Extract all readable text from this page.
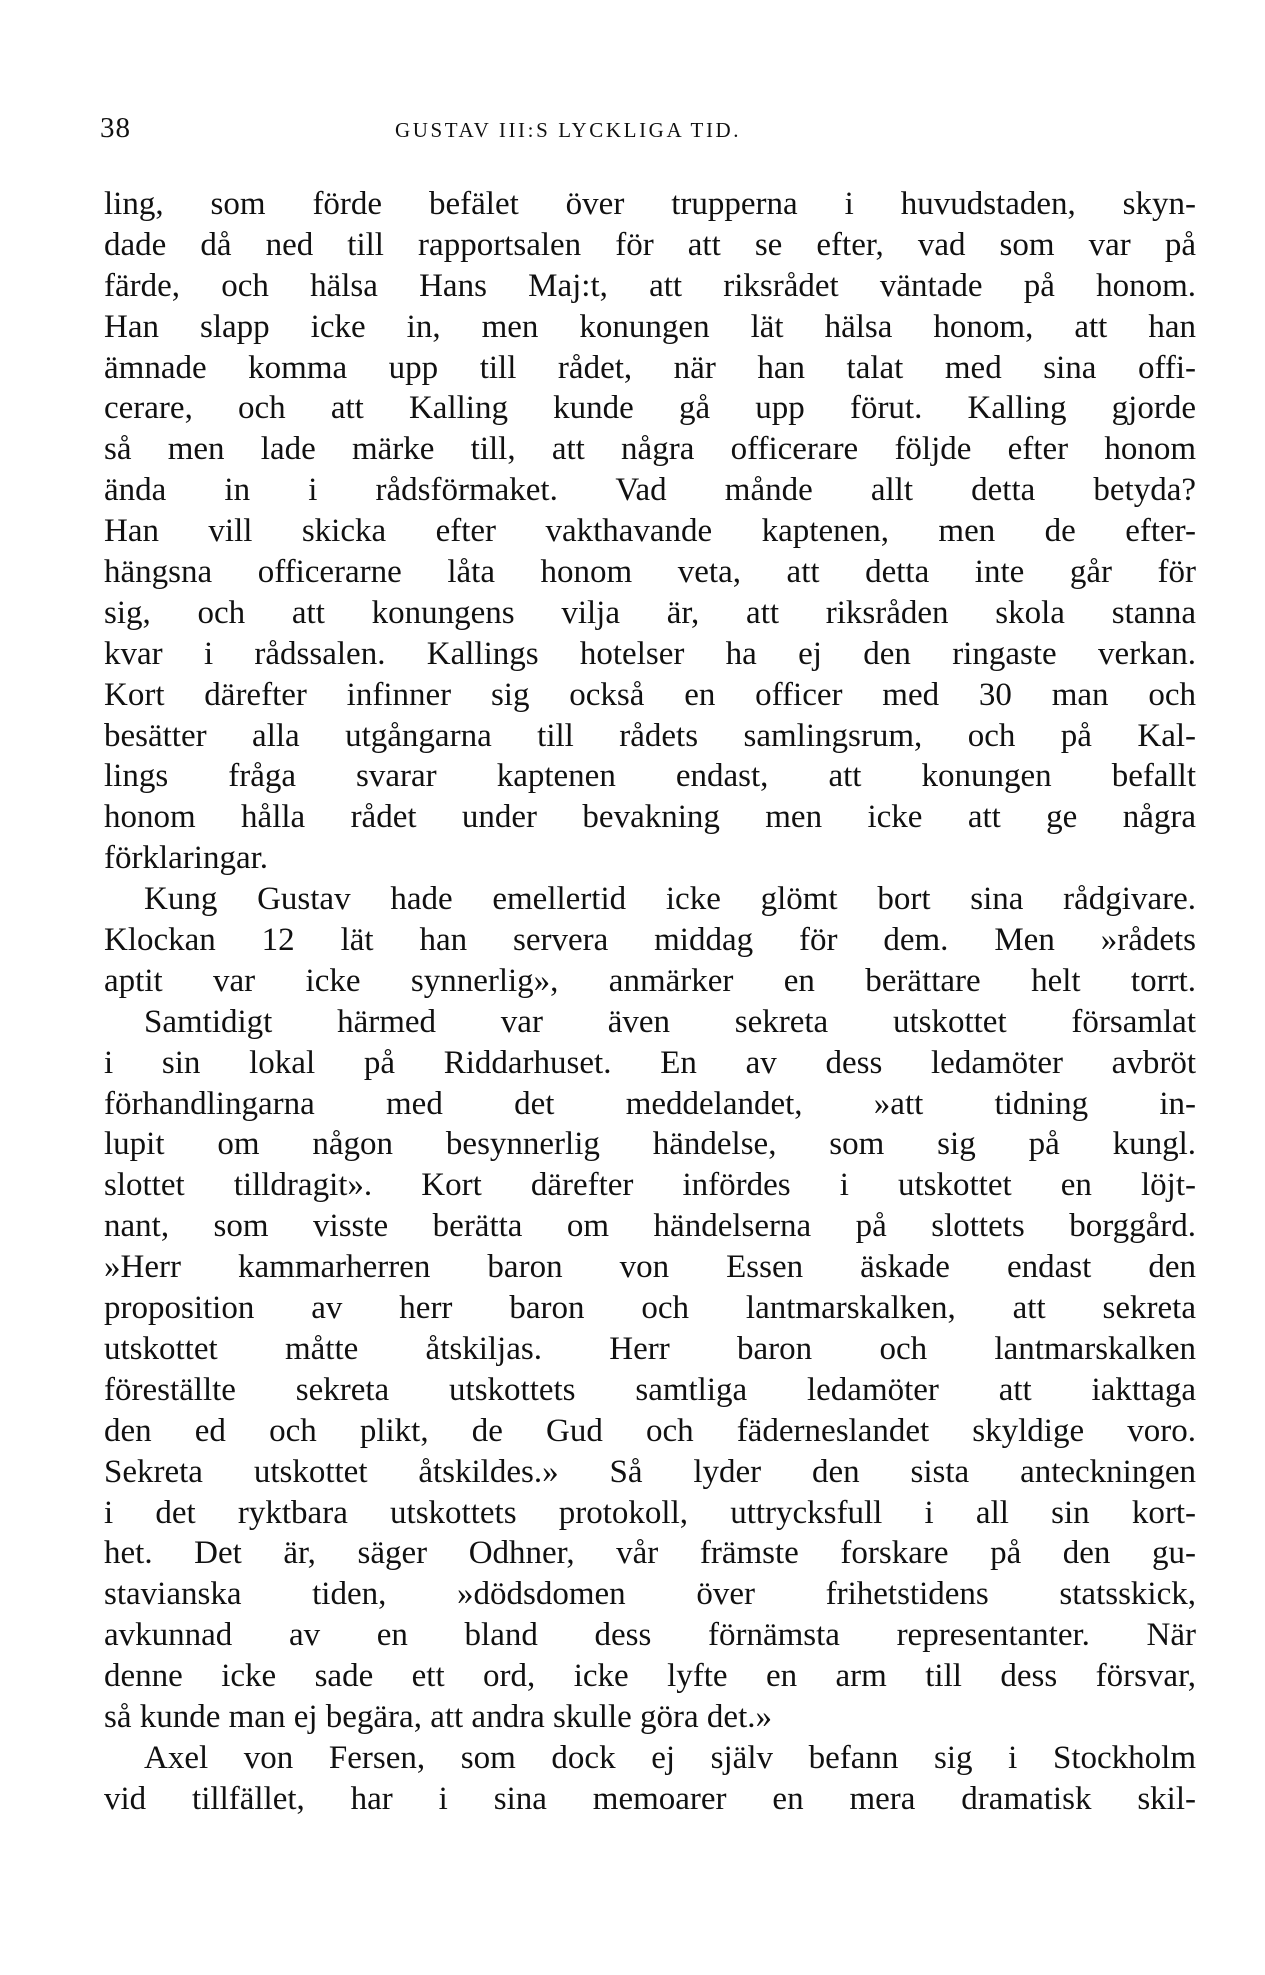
38	GUSTAV III:S LYCKLIGA TID.
ling, som förde befälet över trupperna i huvudstaden, skyn-
dade då ned till rapportsalen för att se efter, vad som var på
färde, och hälsa Hans Maj:t, att riksrådet väntade på honom.
Han slapp icke in, men konungen lät hälsa honom, att han
ämnade komma upp till rådet, när han talat med sina offi-
cerare, och att Kalling kunde gå upp förut. Kalling gjorde
så men lade märke till, att några officerare följde efter honom
ända in i rådsförmaket. Vad månde allt detta betyda?
Han vill skicka efter vakthavande kaptenen, men de efter-
hängsna officerarne låta honom veta, att detta inte går för
sig, och att konungens vilja är, att riksråden skola stanna
kvar i rådssalen. Kallings hotelser ha ej den ringaste verkan.
Kort därefter infinner sig också en officer med 30 man och
besätter alla utgångarna till rådets samlingsrum, och på Kal-
lings fråga svarar kaptenen endast, att konungen befallt
honom hålla rådet under bevakning men icke att ge några
förklaringar.
Kung Gustav hade emellertid icke glömt bort sina rådgivare.
Klockan 12 lät han servera middag för dem. Men »rådets
aptit var icke synnerlig», anmärker en berättare helt torrt.
Samtidigt härmed var även sekreta utskottet församlat
i sin lokal på Riddarhuset. En av dess ledamöter avbröt
förhandlingarna med det meddelandet, »att tidning in-
lupit om någon besynnerlig händelse, som sig på kungl.
slottet tilldragit». Kort därefter infördes i utskottet en löjt-
nant, som visste berätta om händelserna på slottets borggård.
»Herr kammarherren baron von Essen äskade endast den
proposition av herr baron och lantmarskalken, att sekreta
utskottet måtte åtskiljas. Herr baron och lantmarskalken
föreställte sekreta utskottets samtliga ledamöter att iakttaga
den ed och plikt, de Gud och fäderneslandet skyldige voro.
Sekreta utskottet åtskildes.» Så lyder den sista anteckningen
i det ryktbara utskottets protokoll, uttrycksfull i all sin kort-
het. Det är, säger Odhner, vår främste forskare på den gu-
stavianska tiden, »dödsdomen över frihetstidens statsskick,
avkunnad av en bland dess förnämsta representanter. När
denne icke sade ett ord, icke lyfte en arm till dess försvar,
så kunde man ej begära, att andra skulle göra det.»
Axel von Fersen, som dock ej själv befann sig i Stockholm
vid tillfället, har i sina memoarer en mera dramatisk skil-
